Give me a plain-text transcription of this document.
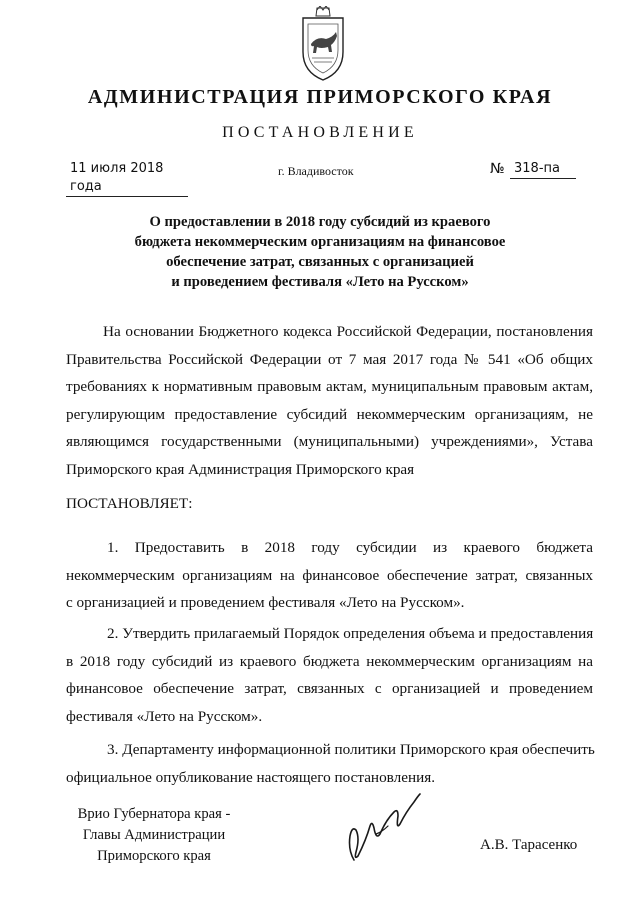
АДМИНИСТРАЦИЯ ПРИМОРСКОГО КРАЯ
ПОСТАНОВЛЕНИЕ
11 июля 2018 года
г. Владивосток	№ 318-па
О предоставлении в 2018 году субсидий из краевого
бюджета некоммерческим организациям на финансовое
обеспечение затрат, связанных с организацией
и проведением фестиваля «Лето на Русском»
На основании Бюджетного кодекса Российской Федерации, постановления
Правительства Российской Федерации от 7 мая 2017 года № 541 «Об общих
требованиях к нормативным правовым актам, муниципальным правовым актам,
регулирующим предоставление субсидий некоммерческим организациям, не
являющимся государственными (муниципальными) учреждениями», Устава
Приморского края Администрация Приморского края
ПОСТАНОВЛЯЕТ:
1. Предоставить в 2018 году субсидии из краевого бюджета
некоммерческим организациям на финансовое обеспечение затрат, связанных
с организацией и проведением фестиваля «Лето на Русском».
2. Утвердить прилагаемый Порядок определения объема и предоставления
в 2018 году субсидий из краевого бюджета некоммерческим организациям на
финансовое обеспечение затрат, связанных с организацией и проведением
фестиваля «Лето на Русском».
3. Департаменту информационной политики Приморского края обеспечить
официальное опубликование настоящего постановления.
Врио Губернатора края -
Главы Администрации
Приморского края
А.В. Тарасенко
